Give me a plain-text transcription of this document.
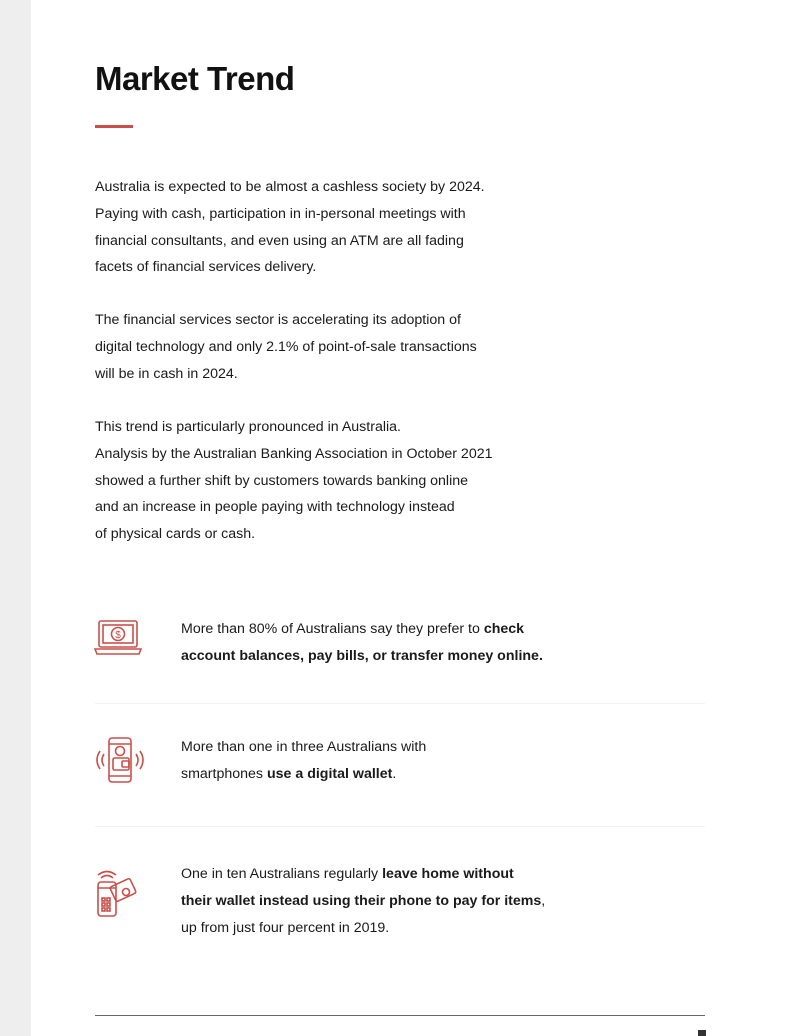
Market Trend

Australia is expected to be almost a cashless society by 2024.

Paying with cash, participation in in-personal meetings with

financial consultants, and even using an ATM are all fading

facets of financial services delivery.

The financial services sector is accelerating its adoption of

digital technology and only 2.1% of point-of-sale transactions

will be in cash in 2024.

This trend is particularly pronounced in Australia.

Analysis by the Australian Banking Association in October 2021

showed a further shift by customers towards banking online

and an increase in people paying with technology instead

of physical cards or cash.

$	More than 80% of Australians say they prefer to check
account balances, pay bills, or transfer money online.
More than one in three Australians with
smartphones use a digital wallet.
One in ten Australians regularly leave home without
their wallet instead using their phone to pay for items,
up from just four percent in 2019.
